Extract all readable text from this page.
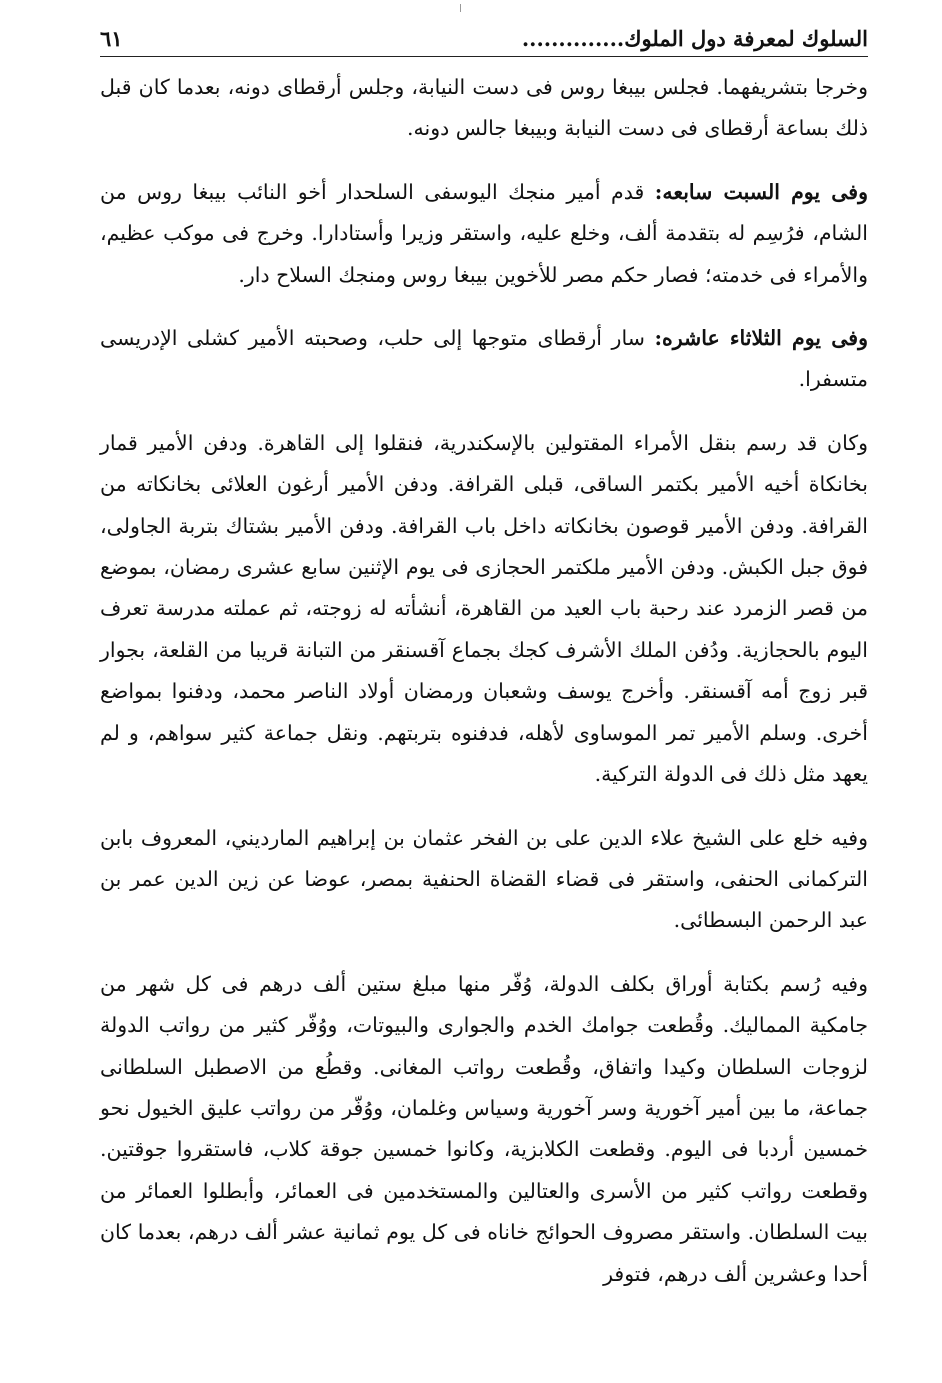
السلوك لمعرفة دول الملوك..............
٦١

وخرجا بتشريفهما. فجلس بيبغا روس فى دست النيابة، وجلس أرقطاى دونه، بعدما كان قبل ذلك بساعة أرقطاى فى دست النيابة وبيبغا جالس دونه.

وفى يوم السبت سابعه: قدم أمير منجك اليوسفى السلحدار أخو النائب بيبغا روس من الشام، فرُسِم له بتقدمة ألف، وخلع عليه، واستقر وزيرا وأستادارا. وخرج فى موكب عظيم، والأمراء فى خدمته؛ فصار حكم مصر للأخوين بيبغا روس ومنجك السلاح دار.

وفى يوم الثلاثاء عاشره: سار أرقطاى متوجها إلى حلب، وصحبته الأمير كشلى الإدريسى متسفرا.

وكان قد رسم بنقل الأمراء المقتولين بالإسكندرية، فنقلوا إلى القاهرة. ودفن الأمير قمار بخانكاة أخيه الأمير بكتمر الساقى، قبلى القرافة. ودفن الأمير أرغون العلائى بخانكاته من القرافة. ودفن الأمير قوصون بخانكاته داخل باب القرافة. ودفن الأمير بشتاك بتربة الجاولى، فوق جبل الكبش. ودفن الأمير ملكتمر الحجازى فى يوم الإثنين سابع عشرى رمضان، بموضع من قصر الزمرد عند رحبة باب العيد من القاهرة، أنشأته له زوجته، ثم عملته مدرسة تعرف اليوم بالحجازية. ودُفن الملك الأشرف كجك بجماع آقسنقر من التبانة قريبا من القلعة، بجوار قبر زوج أمه آقسنقر. وأخرج يوسف وشعبان ورمضان أولاد الناصر محمد، ودفنوا بمواضع أخرى. وسلم الأمير تمر الموساوى لأهله، فدفنوه بتربتهم. ونقل جماعة كثير سواهم، و لم يعهد مثل ذلك فى الدولة التركية.

وفيه خلع على الشيخ علاء الدين على بن الفخر عثمان بن إبراهيم المارديني، المعروف بابن التركمانى الحنفى، واستقر فى قضاء القضاة الحنفية بمصر، عوضا عن زين الدين عمر بن عبد الرحمن البسطائى.

وفيه رُسم بكتابة أوراق بكلف الدولة، وُفّر منها مبلغ ستين ألف درهم فى كل شهر من جامكية المماليك. وقُطعت جوامك الخدم والجوارى والبيوتات، ووُفّر كثير من رواتب الدولة لزوجات السلطان وكيدا واتفاق، وقُطعت رواتب المغانى. وقطُع من الاصطبل السلطانى جماعة، ما بين أمير آخورية وسر آخورية وسياس وغلمان، ووُفّر من رواتب عليق الخيول نحو خمسين أردبا فى اليوم. وقطعت الكلابزية، وكانوا خمسين جوقة كلاب، فاستقروا جوقتين. وقطعت رواتب كثير من الأسرى والعتالين والمستخدمين فى العمائر، وأبطلوا العمائر من بيت السلطان. واستقر مصروف الحوائج خاناه فى كل يوم ثمانية عشر ألف درهم، بعدما كان أحدا وعشرين ألف درهم، فتوفر
